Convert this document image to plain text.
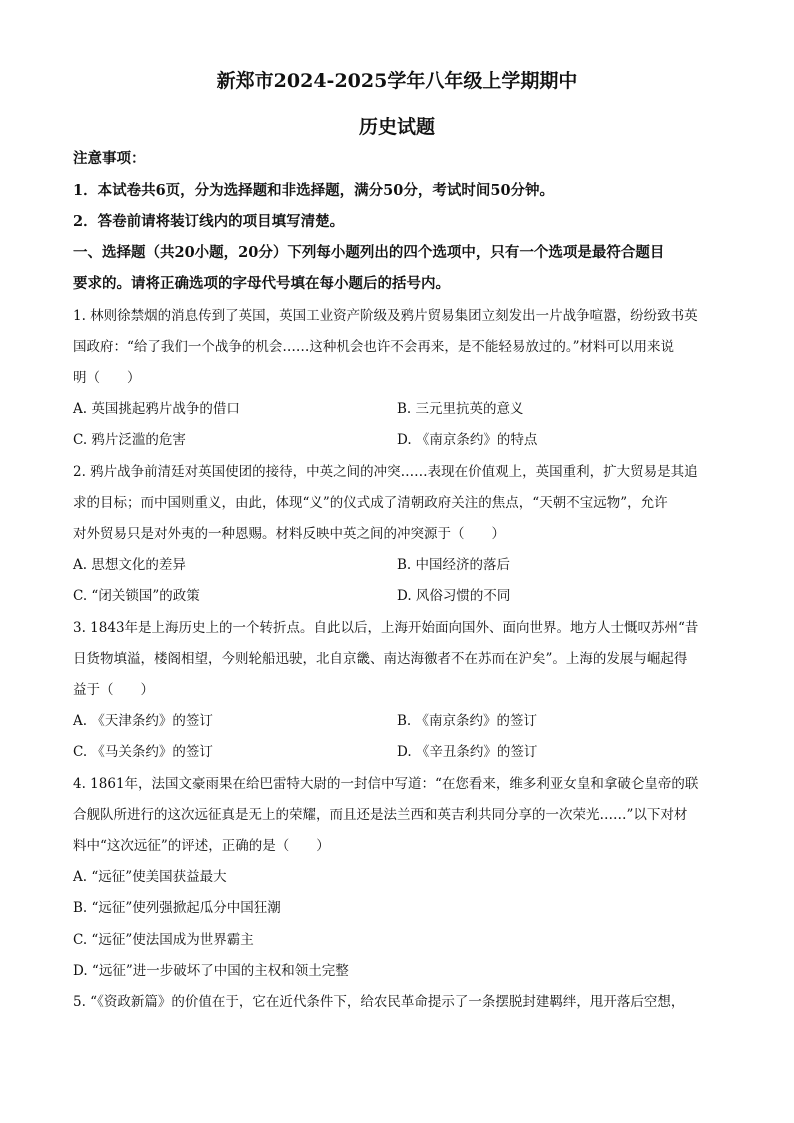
新郑市2024-2025学年八年级上学期期中
历史试题
注意事项：
1．本试卷共6页，分为选择题和非选择题，满分50分，考试时间50分钟。
2．答卷前请将装订线内的项目填写清楚。
一、选择题（共20小题，20分）下列每小题列出的四个选项中，只有一个选项是最符合题目
要求的。请将正确选项的字母代号填在每小题后的括号内。
1. 林则徐禁烟的消息传到了英国，英国工业资产阶级及鸦片贸易集团立刻发出一片战争喧嚣，纷纷致书英
国政府：“给了我们一个战争的机会……这种机会也许不会再来，是不能轻易放过的。”材料可以用来说
明（　　）
A. 英国挑起鸦片战争的借口	B. 三元里抗英的意义
C. 鸦片泛滥的危害	D. 《南京条约》的特点
2. 鸦片战争前清廷对英国使团的接待，中英之间的冲突……表现在价值观上，英国重利，扩大贸易是其追
求的目标；而中国则重义，由此，体现“义”的仪式成了清朝政府关注的焦点，“天朝不宝远物”，允许
对外贸易只是对外夷的一种恩赐。材料反映中英之间的冲突源于（　　）
A. 思想文化的差异	B. 中国经济的落后
C. “闭关锁国”的政策	D. 风俗习惯的不同
3. 1843年是上海历史上的一个转折点。自此以后，上海开始面向国外、面向世界。地方人士慨叹苏州“昔
日货物填溢，楼阁相望，今则轮船迅驶，北自京畿、南达海徼者不在苏而在沪矣”。上海的发展与崛起得
益于（　　）
A. 《天津条约》的签订	B. 《南京条约》的签订
C. 《马关条约》的签订	D. 《辛丑条约》的签订
4. 1861年，法国文豪雨果在给巴雷特大尉的一封信中写道：“在您看来，维多利亚女皇和拿破仑皇帝的联
合舰队所进行的这次远征真是无上的荣耀，而且还是法兰西和英吉利共同分享的一次荣光……”以下对材
料中“这次远征”的评述，正确的是（　　）
A. “远征”使美国获益最大
B. “远征”使列强掀起瓜分中国狂潮
C. “远征”使法国成为世界霸主
D. “远征”进一步破坏了中国的主权和领土完整
5. “《资政新篇》的价值在于，它在近代条件下，给农民革命提示了一条摆脱封建羁绊，甩开落后空想，
